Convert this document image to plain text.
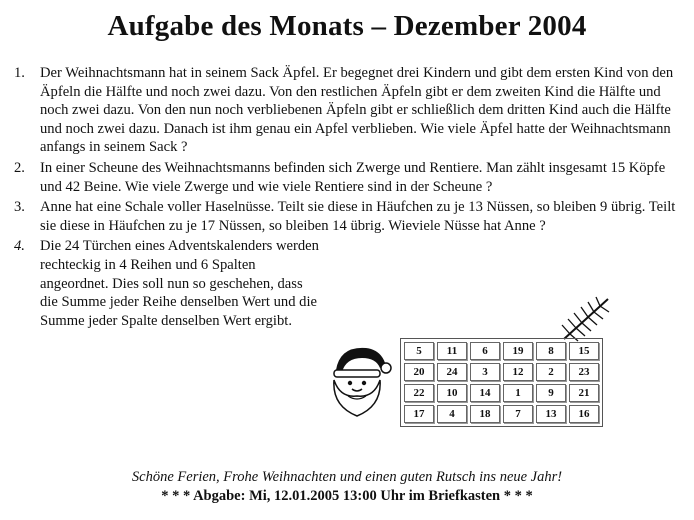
Aufgabe des Monats – Dezember 2004
1. Der Weihnachtsmann hat in seinem Sack Äpfel. Er begegnet drei Kindern und gibt dem ersten Kind von den Äpfeln die Hälfte und noch zwei dazu. Von den restlichen Äpfeln gibt er dem zweiten Kind die Hälfte und noch zwei dazu. Von den nun noch verbliebenen Äpfeln gibt er schließlich dem dritten Kind auch die Hälfte und noch zwei dazu. Danach ist ihm genau ein Apfel verblieben. Wie viele Äpfel hatte der Weihnachtsmann anfangs in seinem Sack ?
2. In einer Scheune des Weihnachtsmanns befinden sich Zwerge und Rentiere. Man zählt insgesamt 15 Köpfe und 42 Beine. Wie viele Zwerge und wie viele Rentiere sind in der Scheune ?
3. Anne hat eine Schale voller Haselnüsse. Teilt sie diese in Häufchen zu je 13 Nüssen, so bleiben 9 übrig. Teilt sie diese in Häufchen zu je 17 Nüssen, so bleiben 14 übrig. Wieviele Nüsse hat Anne ?
4. Die 24 Türchen eines Adventskalenders werden rechteckig in 4 Reihen und 6 Spalten angeordnet. Dies soll nun so geschehen, dass die Summe jeder Reihe denselben Wert und die Summe jeder Spalte denselben Wert ergibt.
5	11	6	19	8	15
20	24	3	12	2	23
22	10	14	1	9	21
17	4	18	7	13	16
Schöne Ferien, Frohe Weihnachten und einen guten Rutsch ins neue Jahr!
* * * Abgabe: Mi, 12.01.2005 13:00 Uhr im Briefkasten * * *
